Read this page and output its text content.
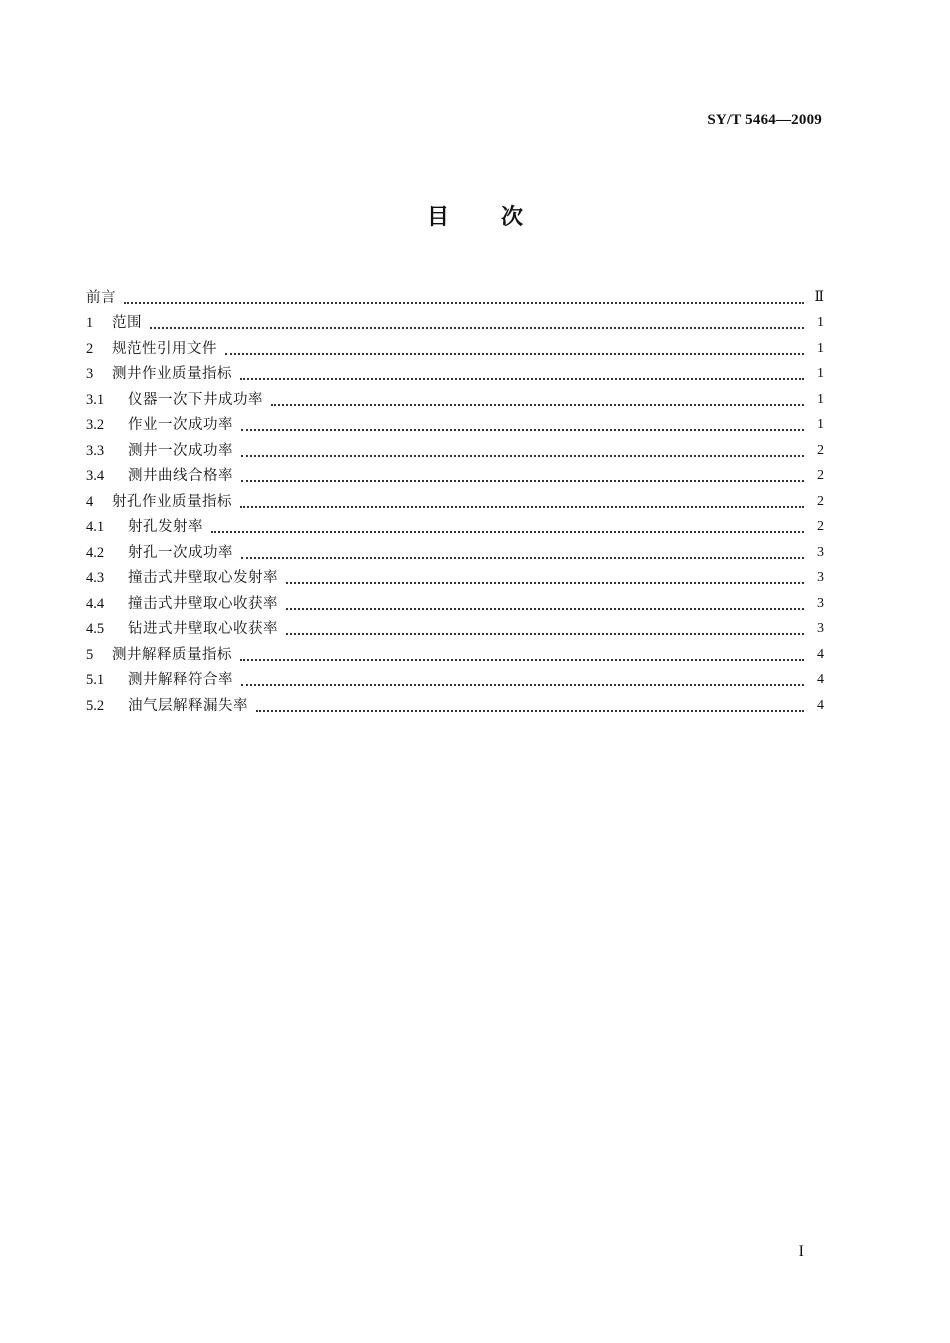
SY/T 5464—2009
目次
前言	Ⅱ
1	范围	1
2	规范性引用文件	1
3	测井作业质量指标	1
3.1	仪器一次下井成功率	1
3.2	作业一次成功率	1
3.3	测井一次成功率	2
3.4	测井曲线合格率	2
4	射孔作业质量指标	2
4.1	射孔发射率	2
4.2	射孔一次成功率	3
4.3	撞击式井壁取心发射率	3
4.4	撞击式井壁取心收获率	3
4.5	钻进式井壁取心收获率	3
5	测井解释质量指标	4
5.1	测井解释符合率	4
5.2	油气层解释漏失率	4
I
